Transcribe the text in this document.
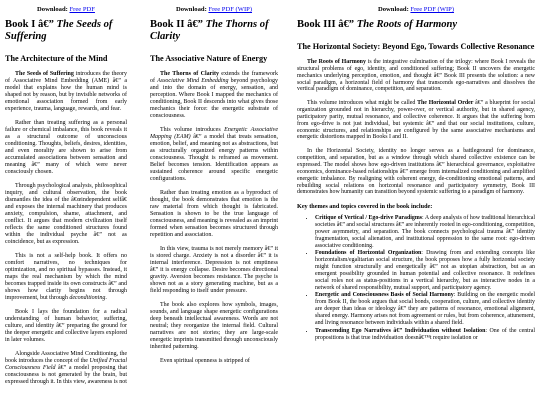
Download: Free PDF
Book I â€” The Seeds of Suffering
The Architecture of the Mind

The Seeds of Suffering introduces the theory of Associative Mind Embedding (AME) â€” a model that explains how the human mind is shaped not by reason, but by invisible networks of emotional association formed from early experience, trauma, language, rewards, and fear.

Rather than treating suffering as a personal failure or chemical imbalance, this book reveals it as a structural outcome of unconscious conditioning. Thoughts, beliefs, desires, identities, and even morality are shown to arise from accumulated associations between sensation and meaning â€” many of which were never consciously chosen.

Through psychological analysis, philosophical inquiry, and cultural observation, the book dismantles the idea of the â€œindependent selfâ€ and exposes the internal machinery that produces anxiety, compulsion, shame, attachment, and conflict. It argues that modern civilization itself reflects the same conditioned structures found within the individual psyche â€” not as coincidence, but as expression.

This is not a self-help book. It offers no comfort narratives, no techniques for optimization, and no spiritual bypasses. Instead, it maps the real mechanism by which the mind becomes trapped inside its own constructs â€” and shows how clarity begins not through improvement, but through deconditioning.

Book I lays the foundation for a radical understanding of human behavior, suffering, culture, and identity â€” preparing the ground for the deeper energetic and collective layers explored in later volumes.

Alongside Associative Mind Conditioning, the book introduces the concept of the Unified Fractal Consciousness Field â€” a model proposing that consciousness is not generated by the brain, but expressed through it. In this view, awareness is not

Download: Free PDF (WIP)
Book II â€” The Thorns of Clarity
The Associative Nature of Energy

The Thorns of Clarity extends the framework of Associative Mind Embedding beyond psychology and into the domain of energy, sensation, and perception. Where Book I mapped the mechanics of conditioning, Book II descends into what gives those mechanics their force: the energetic substrate of consciousness.

This volume introduces Energetic Associative Mapping (EAM) â€” a model that treats sensation, emotion, belief, and meaning not as abstractions, but as structurally organized energy patterns within consciousness. Thought is reframed as movement. Belief becomes tension. Identification appears as sustained coherence around specific energetic configurations.

Rather than treating emotion as a byproduct of thought, the book demonstrates that emotion is the raw material from which thought is fabricated. Sensation is shown to be the true language of consciousness, and meaning is revealed as an imprint formed when sensation becomes structured through repetition and association.

In this view, trauma is not merely memory â€” it is stored charge. Anxiety is not a disorder â€” it is internal interference. Depression is not emptiness â€” it is energy collapse. Desire becomes directional gravity. Aversion becomes resistance. The psyche is shown not as a story generating machine, but as a field responding to itself under pressure.

The book also explores how symbols, images, sounds, and language shape energetic configurations deep beneath intellectual awareness. Words are not neutral; they reorganize the internal field. Cultural narratives are not stories; they are large-scale energetic imprints transmitted through unconsciously inherited patterning.

Even spiritual openness is stripped of

Download: Free PDF (WIP)
Book III â€” The Roots of Harmony
The Horizontal Society: Beyond Ego, Towards Collective Resonance

The Roots of Harmony is the integrative culmination of the trilogy: where Book I reveals the structural problems of ego, identity, and conditioned suffering; Book II uncovers the energetic mechanics underlying perception, emotion, and thought â€” Book III presents the solution: a new social paradigm, a horizontal field of harmony that transcends ego-narratives and dissolves the vertical paradigm of dominance, competition, and separation.

This volume introduces what might be called The Horizontal Order â€” a blueprint for social organization grounded not in hierarchy, power-over, or vertical authority, but in shared agency, participatory parity, mutual resonance, and collective coherence. It argues that the suffering born from ego-drive is not just individual, but systemic â€” and that our social institutions, culture, economic structures, and relationships are configured by the same associative mechanisms and energetic distortions mapped in Books I and II.

In the Horizontal Society, identity no longer serves as a battleground for dominance, competition, and separation, but as a window through which shared collective existence can be expressed. The model shows how ego-driven institutions â€” hierarchical governance, exploitative economics, dominance-based relationships â€” emerge from internalized conditioning and amplified energetic imbalance. By realigning with coherent energy, de-conditioning emotional patterns, and rebuilding social relations on horizontal resonance and participatory symmetry, Book III demonstrates how humanity can transition beyond systemic suffering to a paradigm of harmony.

Key themes and topics covered in the book include:
• Critique of Vertical / Ego-drive Paradigms: A deep analysis of how traditional hierarchical societies â€” and social structures â€” are inherently rooted in ego-conditioning, competition, power asymmetry, and separation. The book connects psychological trauma â€” identity fragmentation, social alienation, and institutional oppression to the same root: ego-driven associative conditioning.
• Foundations of Horizontal Organization: Drawing from and extending concepts like horizontalism/egalitarian social structure, the book proposes how a fully horizontal society might function structurally and energetically â€” not as utopian abstraction, but as an emergent possibility grounded in human potential and collective resonance. It redefines social roles not as status-positions in a vertical hierarchy, but as interactive nodes in a network of shared responsibility, mutual support, and participatory agency.
• Energetic and Consciousness Basis of Social Harmony: Building on the energetic model from Book II, the book argues that social bonds, cooperation, culture, and collective identity are deeper than ideas or ideology â€” they are patterns of resonance, emotional alignment, shared energy. Harmony arises not from agreement or rules, but from coherence, attunement, and living resonance between individuals within a shared field.
• Transcending Ego Narratives â€” Individuation without Isolation: One of the central propositions is that true individuation doesnâ€™t require isolation or
